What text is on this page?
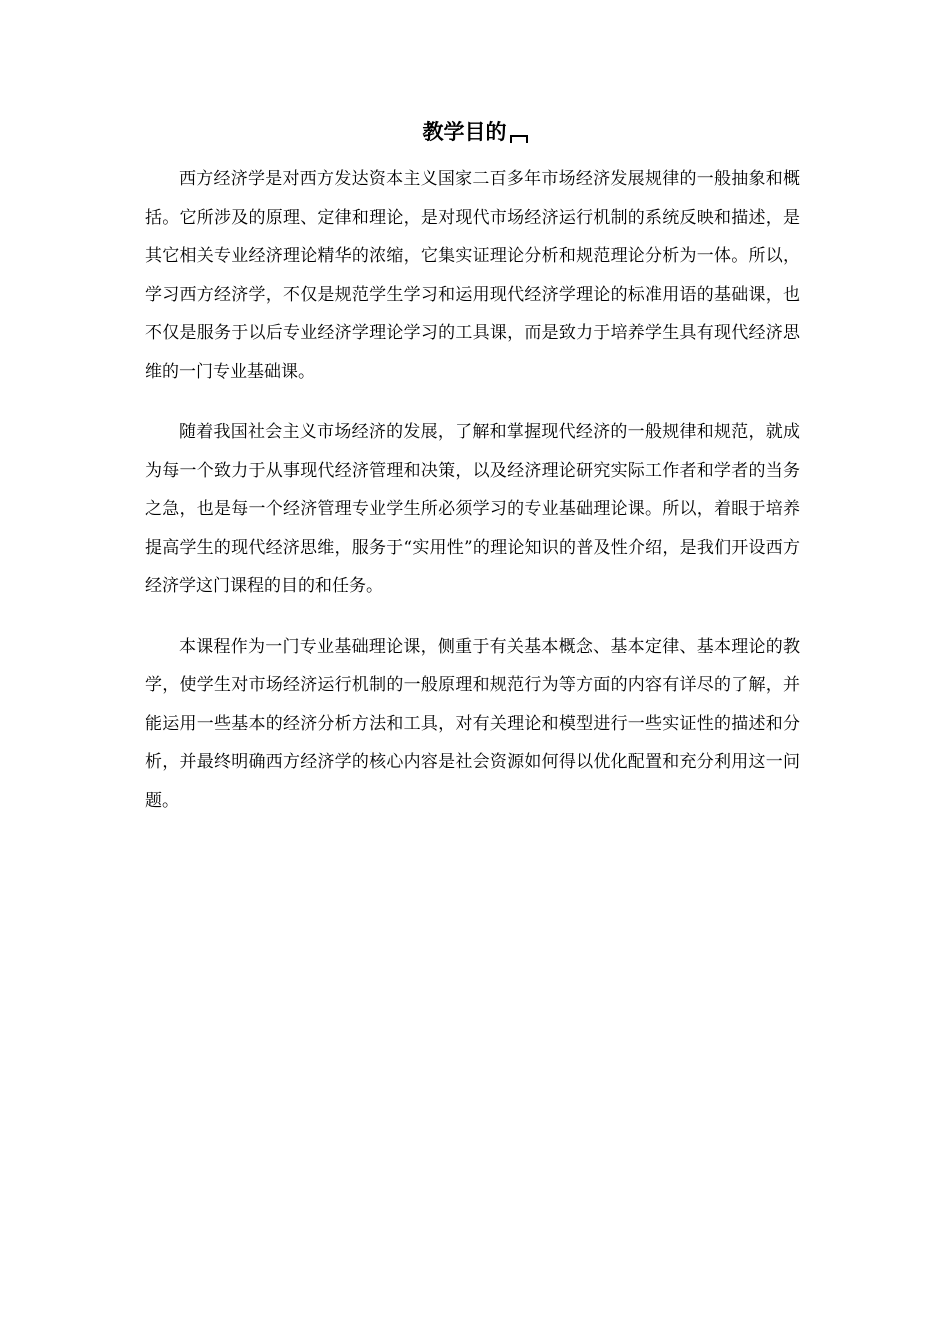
教学目的

西方经济学是对西方发达资本主义国家二百多年市场经济发展规律的一般抽象和概括。它所涉及的原理、定律和理论，是对现代市场经济运行机制的系统反映和描述，是其它相关专业经济理论精华的浓缩，它集实证理论分析和规范理论分析为一体。所以，学习西方经济学，不仅是规范学生学习和运用现代经济学理论的标准用语的基础课，也不仅是服务于以后专业经济学理论学习的工具课，而是致力于培养学生具有现代经济思维的一门专业基础课。

随着我国社会主义市场经济的发展，了解和掌握现代经济的一般规律和规范，就成为每一个致力于从事现代经济管理和决策，以及经济理论研究实际工作者和学者的当务之急，也是每一个经济管理专业学生所必须学习的专业基础理论课。所以，着眼于培养提高学生的现代经济思维，服务于“实用性”的理论知识的普及性介绍，是我们开设西方经济学这门课程的目的和任务。

本课程作为一门专业基础理论课，侧重于有关基本概念、基本定律、基本理论的教学，使学生对市场经济运行机制的一般原理和规范行为等方面的内容有详尽的了解，并能运用一些基本的经济分析方法和工具，对有关理论和模型进行一些实证性的描述和分析，并最终明确西方经济学的核心内容是社会资源如何得以优化配置和充分利用这一问题。
